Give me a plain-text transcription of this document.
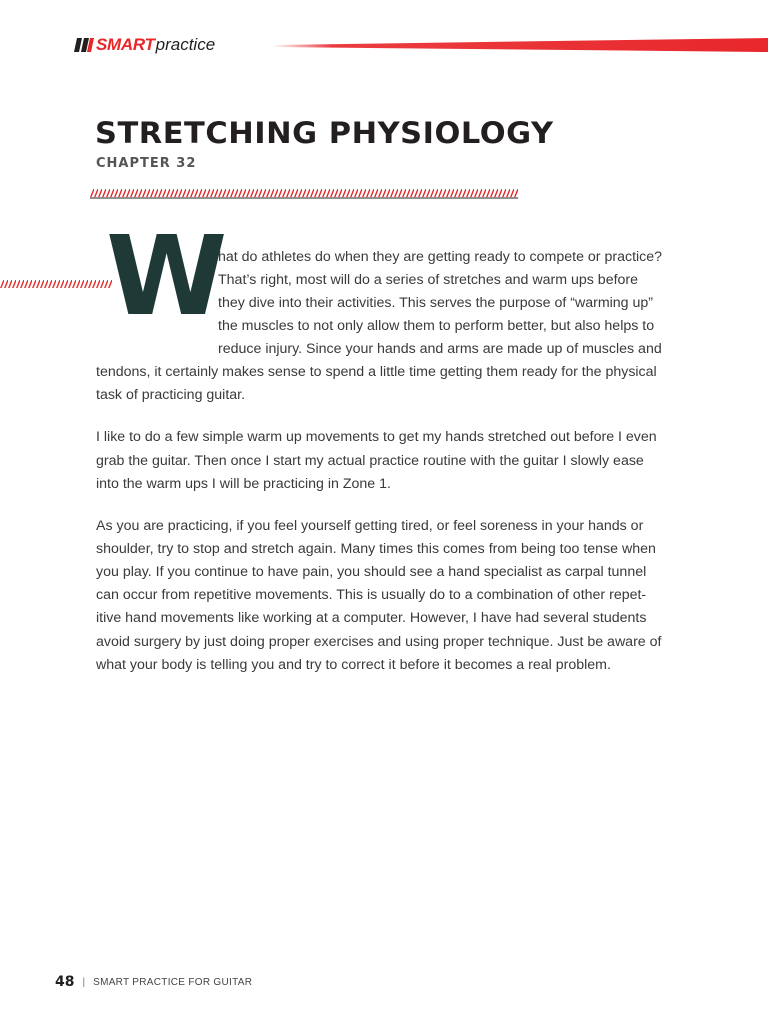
SMART practice
STRETCHING PHYSIOLOGY
CHAPTER 32
W

hat do athletes do when they are getting ready to compete or practice?

That’s right, most will do a series of stretches and warm ups before

they dive into their activities. This serves the purpose of “warming up”

the muscles to not only allow them to perform better, but also helps to

reduce injury. Since your hands and arms are made up of muscles and

tendons, it certainly makes sense to spend a little time getting them ready for the physical

task of practicing guitar.

I like to do a few simple warm up movements to get my hands stretched out before I even

grab the guitar. Then once I start my actual practice routine with the guitar I slowly ease

into the warm ups I will be practicing in Zone 1.

As you are practicing, if you feel yourself getting tired, or feel soreness in your hands or

shoulder, try to stop and stretch again. Many times this comes from being too tense when

you play. If you continue to have pain, you should see a hand specialist as carpal tunnel

can occur from repetitive movements. This is usually do to a combination of other repet-

itive hand movements like working at a computer. However, I have had several students

avoid surgery by just doing proper exercises and using proper technique. Just be aware of

what your body is telling you and try to correct it before it becomes a real problem.

48 | SMART PRACTICE FOR GUITAR
